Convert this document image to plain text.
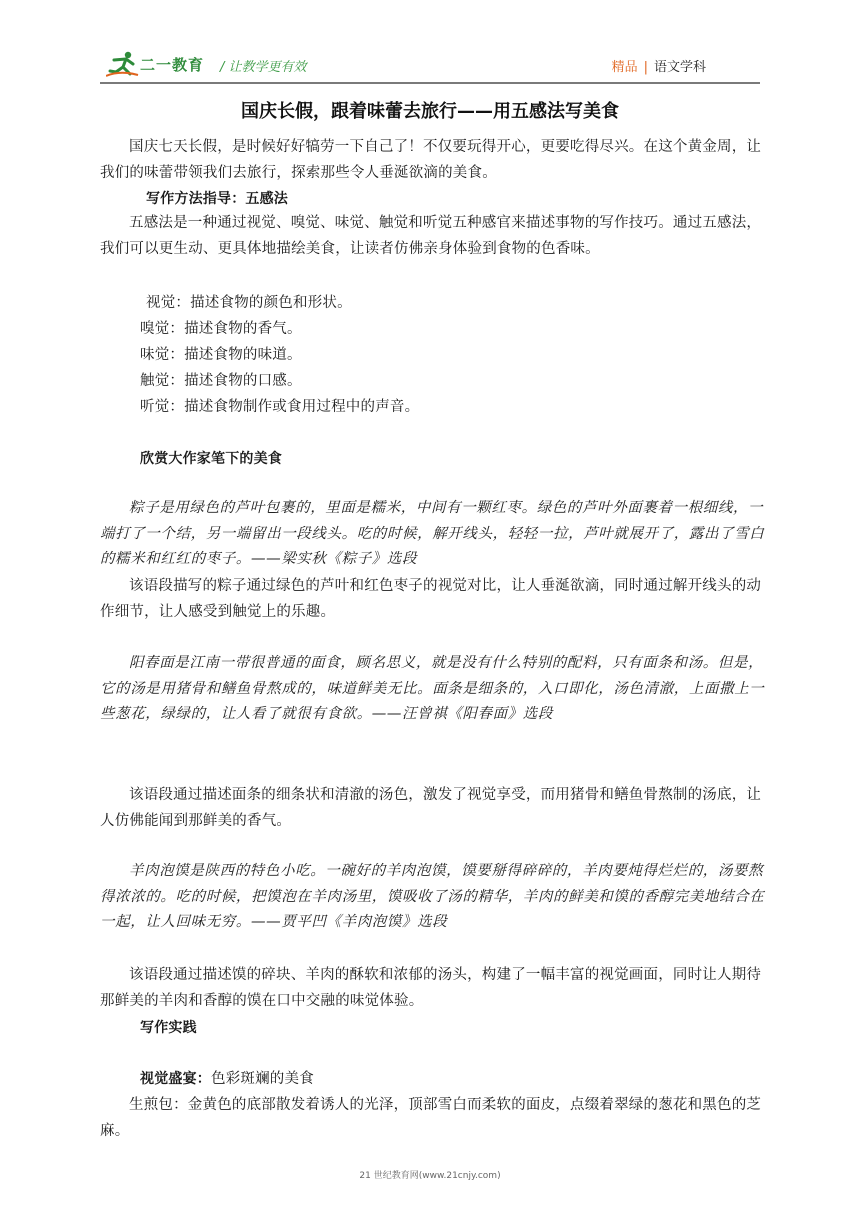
二一教育 / 让教学更有效	精品 | 语文学科
国庆长假，跟着味蕾去旅行——用五感法写美食

国庆七天长假，是时候好好犒劳一下自己了！不仅要玩得开心，更要吃得尽兴。在这个黄金周，让我们的味蕾带领我们去旅行，探索那些令人垂涎欲滴的美食。

写作方法指导：五感法

五感法是一种通过视觉、嗅觉、味觉、触觉和听觉五种感官来描述事物的写作技巧。通过五感法，我们可以更生动、更具体地描绘美食，让读者仿佛亲身体验到食物的色香味。

视觉：描述食物的颜色和形状。

嗅觉：描述食物的香气。

味觉：描述食物的味道。

触觉：描述食物的口感。

听觉：描述食物制作或食用过程中的声音。

欣赏大作家笔下的美食

粽子是用绿色的芦叶包裹的，里面是糯米，中间有一颗红枣。绿色的芦叶外面裹着一根细线，一端打了一个结，另一端留出一段线头。吃的时候，解开线头，轻轻一拉，芦叶就展开了，露出了雪白的糯米和红红的枣子。——梁实秋《粽子》选段

该语段描写的粽子通过绿色的芦叶和红色枣子的视觉对比，让人垂涎欲滴，同时通过解开线头的动作细节，让人感受到触觉上的乐趣。

阳春面是江南一带很普通的面食，顾名思义，就是没有什么特别的配料，只有面条和汤。但是，它的汤是用猪骨和鳝鱼骨熬成的，味道鲜美无比。面条是细条的，入口即化，汤色清澈，上面撒上一些葱花，绿绿的，让人看了就很有食欲。——汪曾祺《阳春面》选段

该语段通过描述面条的细条状和清澈的汤色，激发了视觉享受，而用猪骨和鳝鱼骨熬制的汤底，让人仿佛能闻到那鲜美的香气。

羊肉泡馍是陕西的特色小吃。一碗好的羊肉泡馍，馍要掰得碎碎的，羊肉要炖得烂烂的，汤要熬得浓浓的。吃的时候，把馍泡在羊肉汤里，馍吸收了汤的精华，羊肉的鲜美和馍的香醇完美地结合在一起，让人回味无穷。——贾平凹《羊肉泡馍》选段

该语段通过描述馍的碎块、羊肉的酥软和浓郁的汤头，构建了一幅丰富的视觉画面，同时让人期待那鲜美的羊肉和香醇的馍在口中交融的味觉体验。

写作实践

视觉盛宴：色彩斑斓的美食

生煎包：金黄色的底部散发着诱人的光泽，顶部雪白而柔软的面皮，点缀着翠绿的葱花和黑色的芝麻。

21 世纪教育网(www.21cnjy.com)
